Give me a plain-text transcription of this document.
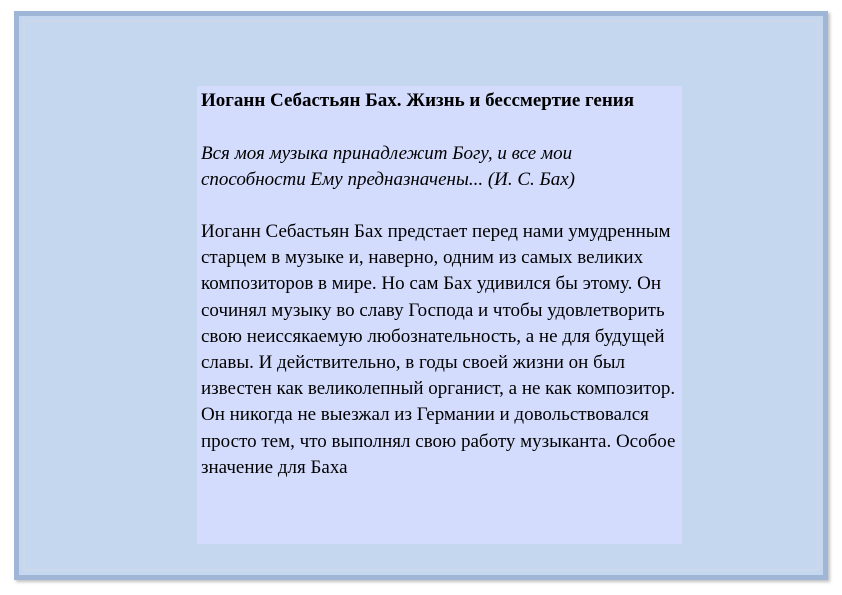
Иоганн Себастьян Бах. Жизнь и бессмертие гения
Вся моя музыка принадлежит Богу, и все мои способности Ему предназначены... (И. С. Бах)
Иоганн Себастьян Бах предстает перед нами умудренным старцем в музыке и, наверно, одним из самых великих композиторов в мире. Но сам Бах удивился бы этому. Он сочинял музыку во славу Господа и чтобы удовлетворить свою неиссякаемую любознательность, а не для будущей славы. И действительно, в годы своей жизни он был известен как великолепный органист, а не как композитор. Он никогда не выезжал из Германии и довольствовался просто тем, что выполнял свою работу музыканта. Особое значение для Баха
